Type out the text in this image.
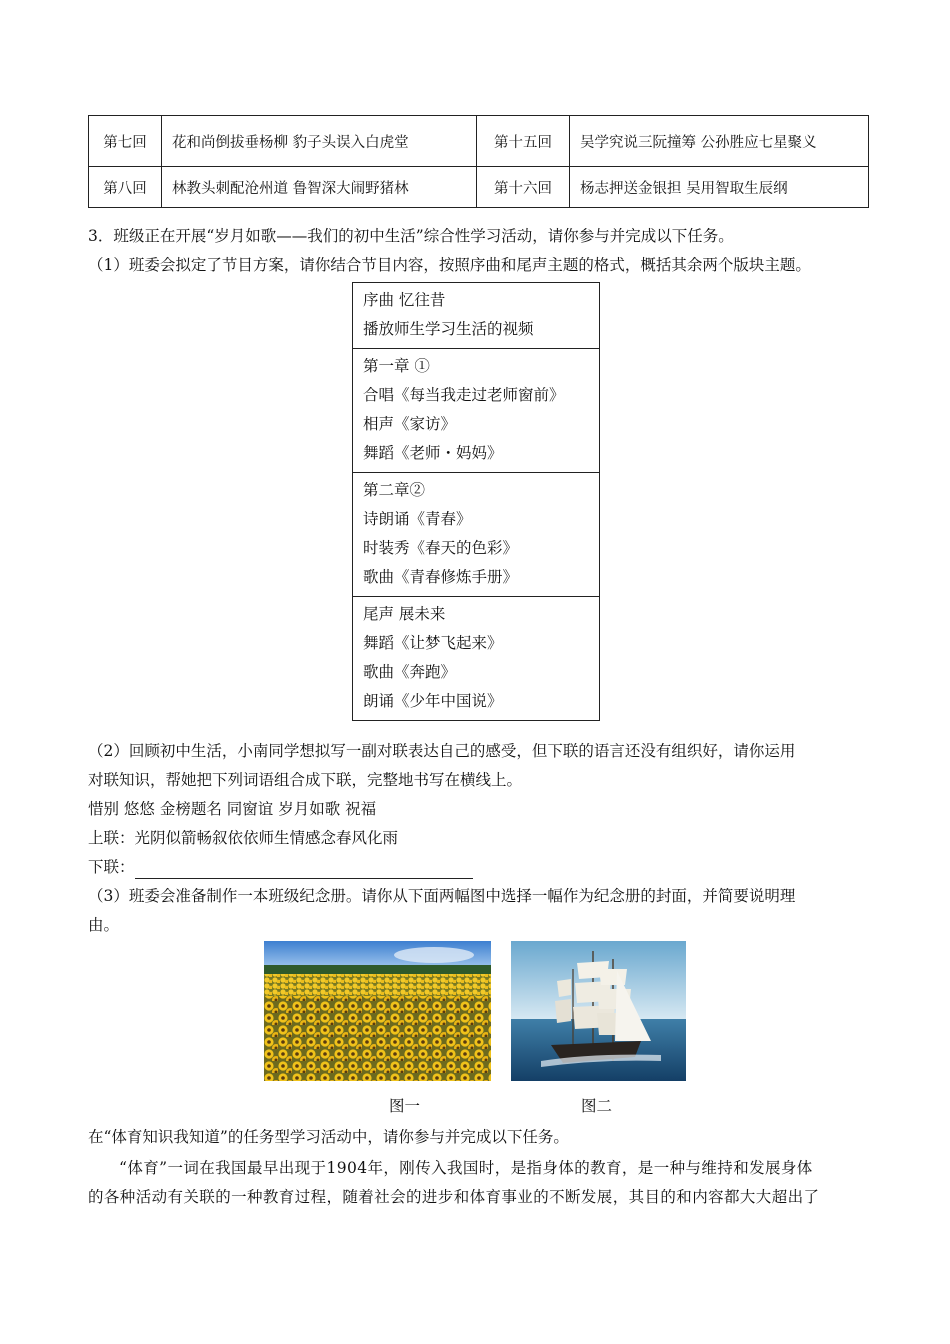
第七回	花和尚倒拔垂杨柳 豹子头误入白虎堂	第十五回	吴学究说三阮撞筹 公孙胜应七星聚义
第八回	林教头刺配沧州道 鲁智深大闹野猪林	第十六回	杨志押送金银担 吴用智取生辰纲
3．班级正在开展“岁月如歌——我们的初中生活”综合性学习活动，请你参与并完成以下任务。
（1）班委会拟定了节目方案，请你结合节目内容，按照序曲和尾声主题的格式，概括其余两个版块主题。
序曲 忆往昔
播放师生学习生活的视频
第一章 ①
合唱《每当我走过老师窗前》
相声《家访》
舞蹈《老师・妈妈》
第二章②
诗朗诵《青春》
时装秀《春天的色彩》
歌曲《青春修炼手册》
尾声 展未来
舞蹈《让梦飞起来》
歌曲《奔跑》
朗诵《少年中国说》
（2）回顾初中生活，小南同学想拟写一副对联表达自己的感受，但下联的语言还没有组织好，请你运用
对联知识，帮她把下列词语组合成下联，完整地书写在横线上。
惜别 悠悠 金榜题名 同窗谊 岁月如歌 祝福
上联：光阴似箭畅叙依依师生情感念春风化雨
下联：
（3）班委会准备制作一本班级纪念册。请你从下面两幅图中选择一幅作为纪念册的封面，并简要说明理
由。
图一	图二
在“体育知识我知道”的任务型学习活动中，请你参与并完成以下任务。
“体育”一词在我国最早出现于1904年，刚传入我国时，是指身体的教育，是一种与维持和发展身体
的各种活动有关联的一种教育过程，随着社会的进步和体育事业的不断发展，其目的和内容都大大超出了
